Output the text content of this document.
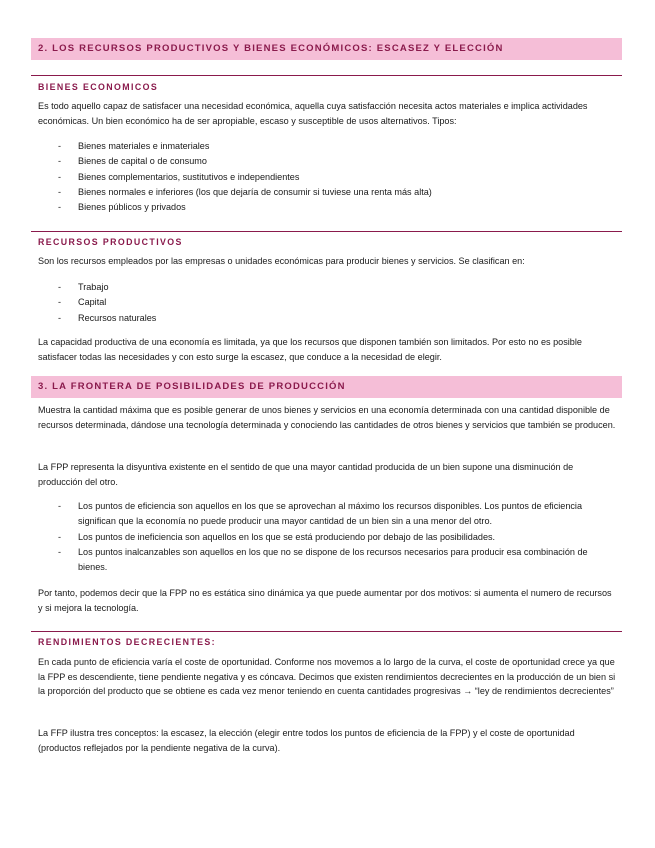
2. LOS RECURSOS PRODUCTIVOS Y BIENES ECONÓMICOS: ESCASEZ Y ELECCIÓN
BIENES ECONOMICOS
Es todo aquello capaz de satisfacer una necesidad económica, aquella cuya satisfacción necesita actos materiales e implica actividades económicas. Un bien económico ha de ser apropiable, escaso y susceptible de usos alternativos. Tipos:
- Bienes materiales e inmateriales
- Bienes de capital o de consumo
- Bienes complementarios, sustitutivos e independientes
- Bienes normales e inferiores (los que dejaría de consumir si tuviese una renta más alta)
- Bienes públicos y privados
RECURSOS PRODUCTIVOS
Son los recursos empleados por las empresas o unidades económicas para producir bienes y servicios. Se clasifican en:
- Trabajo
- Capital
- Recursos naturales
La capacidad productiva de una economía es limitada, ya que los recursos que disponen también son limitados. Por esto no es posible satisfacer todas las necesidades y con esto surge la escasez, que conduce a la necesidad de elegir.
3. LA FRONTERA DE POSIBILIDADES DE PRODUCCIÓN
Muestra la cantidad máxima que es posible generar de unos bienes y servicios en una economía determinada con una cantidad disponible de recursos determinada, dándose una tecnología determinada y conociendo las cantidades de otros bienes y servicios que también se producen.
La FPP representa la disyuntiva existente en el sentido de que una mayor cantidad producida de un bien supone una disminución de producción del otro.
- Los puntos de eficiencia son aquellos en los que se aprovechan al máximo los recursos disponibles. Los puntos de eficiencia significan que la economía no puede producir una mayor cantidad de un bien sin a una menor del otro.
- Los puntos de ineficiencia son aquellos en los que se está produciendo por debajo de las posibilidades.
- Los puntos inalcanzables son aquellos en los que no se dispone de los recursos necesarios para producir esa combinación de bienes.
Por tanto, podemos decir que la FPP no es estática sino dinámica ya que puede aumentar por dos motivos: si aumenta el numero de recursos y si mejora la tecnología.
RENDIMIENTOS DECRECIENTES:
En cada punto de eficiencia varía el coste de oportunidad. Conforme nos movemos a lo largo de la curva, el coste de oportunidad crece ya que la FPP es descendiente, tiene pendiente negativa y es cóncava. Decimos que existen rendimientos decrecientes en la producción de un bien si la proporción del producto que se obtiene es cada vez menor teniendo en cuenta cantidades progresivas → “ley de rendimientos decrecientes”
La FFP ilustra tres conceptos: la escasez, la elección (elegir entre todos los puntos de eficiencia de la FPP) y el coste de oportunidad (productos reflejados por la pendiente negativa de la curva).
